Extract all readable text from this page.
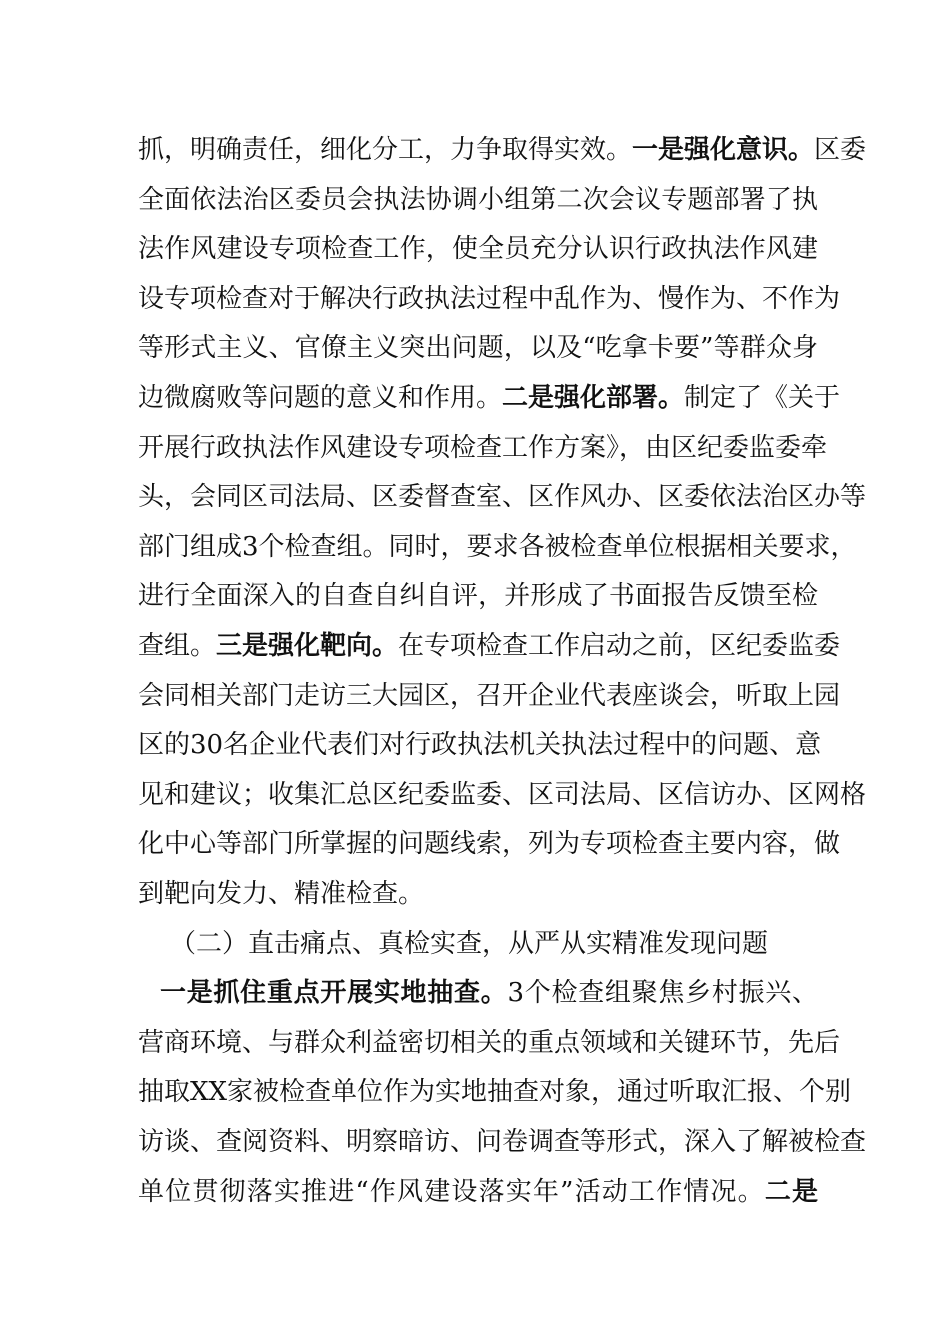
抓，明确责任，细化分工，力争取得实效。一是强化意识。区委
全面依法治区委员会执法协调小组第二次会议专题部署了执
法作风建设专项检查工作，使全员充分认识行政执法作风建
设专项检查对于解决行政执法过程中乱作为、慢作为、不作为
等形式主义、官僚主义突出问题，以及“吃拿卡要”等群众身
边微腐败等问题的意义和作用。二是强化部署。制定了《关于
开展行政执法作风建设专项检查工作方案》，由区纪委监委牵
头，会同区司法局、区委督查室、区作风办、区委依法治区办等
部门组成3个检查组。同时，要求各被检查单位根据相关要求，
进行全面深入的自查自纠自评，并形成了书面报告反馈至检
查组。三是强化靶向。在专项检查工作启动之前，区纪委监委
会同相关部门走访三大园区，召开企业代表座谈会，听取上园
区的30名企业代表们对行政执法机关执法过程中的问题、意
见和建议；收集汇总区纪委监委、区司法局、区信访办、区网格
化中心等部门所掌握的问题线索，列为专项检查主要内容，做
到靶向发力、精准检查。
（二）直击痛点、真检实查，从严从实精准发现问题
一是抓住重点开展实地抽查。3个检查组聚焦乡村振兴、
营商环境、与群众利益密切相关的重点领域和关键环节，先后
抽取XX家被检查单位作为实地抽查对象，通过听取汇报、个别
访谈、查阅资料、明察暗访、问卷调查等形式，深入了解被检查
单位贯彻落实推进“作风建设落实年”活动工作情况。二是
